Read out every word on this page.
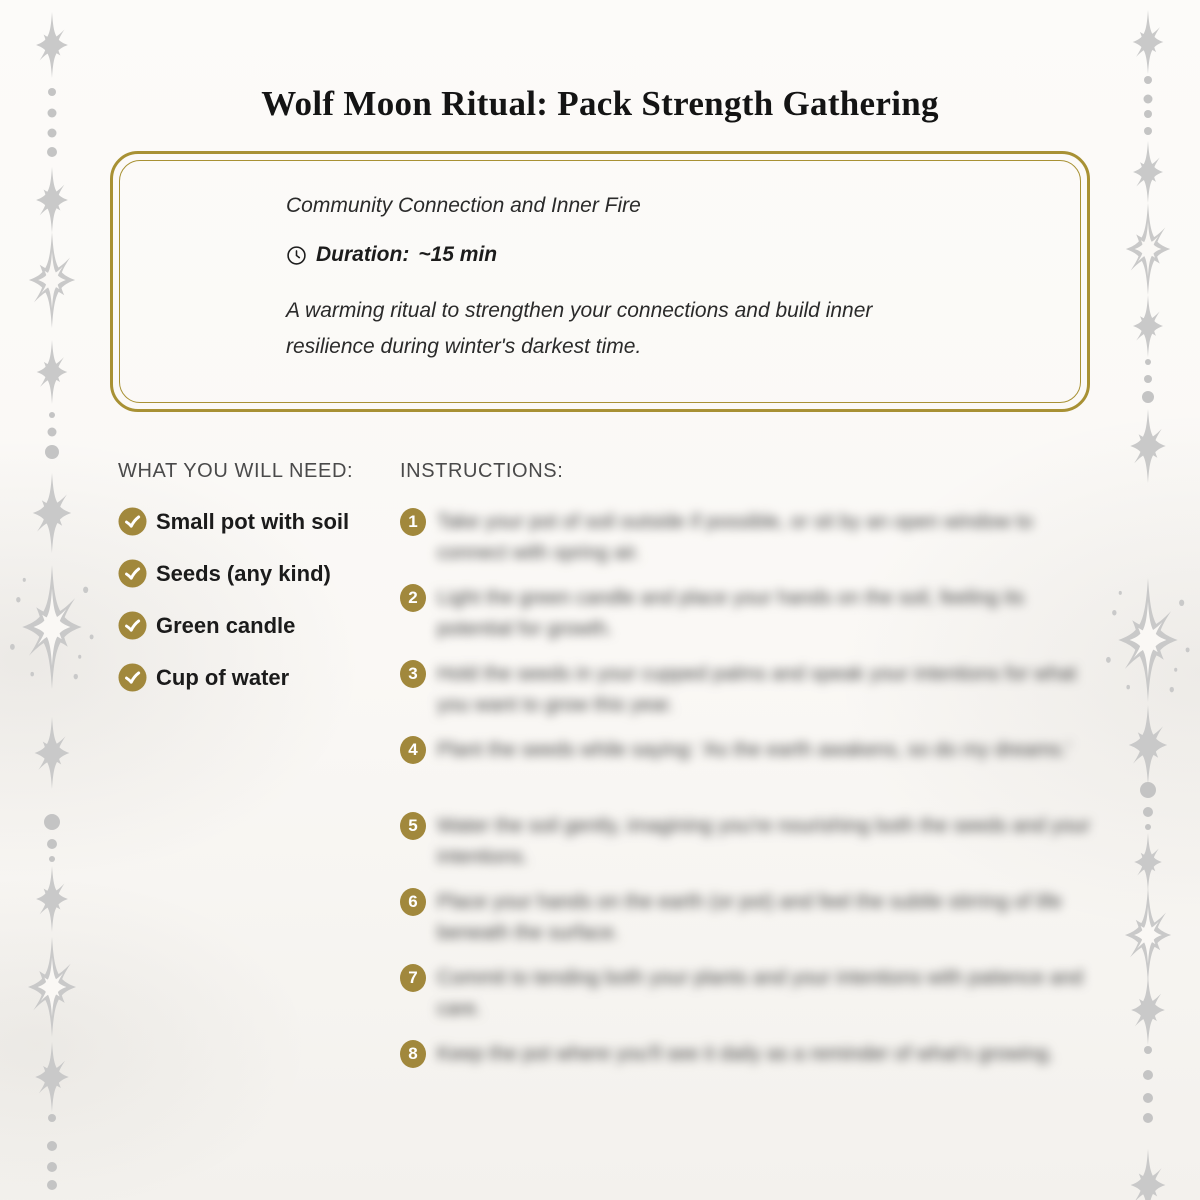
Wolf Moon Ritual: Pack Strength Gathering

Community Connection and Inner Fire

Duration: ~15 min

A warming ritual to strengthen your connections and build inner resilience during winter's darkest time.

WHAT YOU WILL NEED:
Small pot with soil
Seeds (any kind)
Green candle
Cup of water
INSTRUCTIONS:
1 Take your pot of soil outside if possible, or sit by an open window to connect with spring air.
2 Light the green candle and place your hands on the soil, feeling its potential for growth.
3 Hold the seeds in your cupped palms and speak your intentions for what you want to grow this year.
4 Plant the seeds while saying: 'As the earth awakens, so do my dreams.'
5 Water the soil gently, imagining you're nourishing both the seeds and your intentions.
6 Place your hands on the earth (or pot) and feel the subtle stirring of life beneath the surface.
7 Commit to tending both your plants and your intentions with patience and care.
8 Keep the pot where you'll see it daily as a reminder of what's growing.
